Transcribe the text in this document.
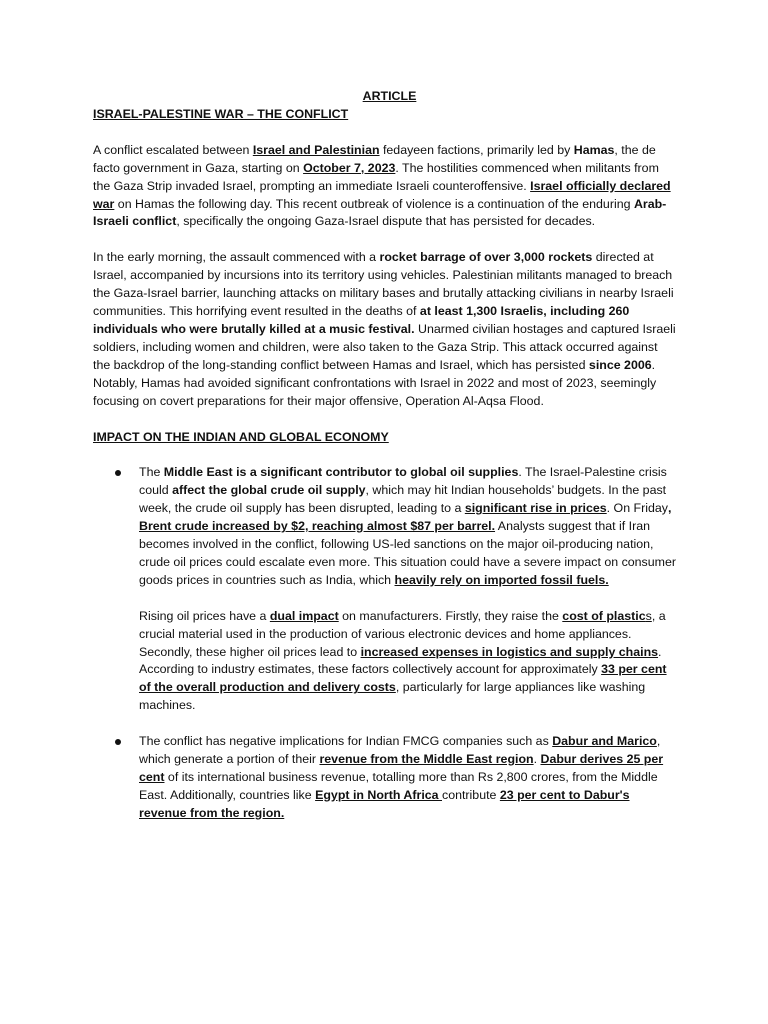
ARTICLE

ISRAEL-PALESTINE WAR – THE CONFLICT

A conflict escalated between Israel and Palestinian fedayeen factions, primarily led by Hamas, the de facto government in Gaza, starting on October 7, 2023. The hostilities commenced when militants from the Gaza Strip invaded Israel, prompting an immediate Israeli counteroffensive. Israel officially declared war on Hamas the following day. This recent outbreak of violence is a continuation of the enduring Arab-Israeli conflict, specifically the ongoing Gaza-Israel dispute that has persisted for decades.

In the early morning, the assault commenced with a rocket barrage of over 3,000 rockets directed at Israel, accompanied by incursions into its territory using vehicles. Palestinian militants managed to breach the Gaza-Israel barrier, launching attacks on military bases and brutally attacking civilians in nearby Israeli communities. This horrifying event resulted in the deaths of at least 1,300 Israelis, including 260 individuals who were brutally killed at a music festival. Unarmed civilian hostages and captured Israeli soldiers, including women and children, were also taken to the Gaza Strip. This attack occurred against the backdrop of the long-standing conflict between Hamas and Israel, which has persisted since 2006. Notably, Hamas had avoided significant confrontations with Israel in 2022 and most of 2023, seemingly focusing on covert preparations for their major offensive, Operation Al-Aqsa Flood.

IMPACT ON THE INDIAN AND GLOBAL ECONOMY

The Middle East is a significant contributor to global oil supplies. The Israel-Palestine crisis could affect the global crude oil supply, which may hit Indian households’ budgets. In the past week, the crude oil supply has been disrupted, leading to a significant rise in prices. On Friday, Brent crude increased by $2, reaching almost $87 per barrel. Analysts suggest that if Iran becomes involved in the conflict, following US-led sanctions on the major oil-producing nation, crude oil prices could escalate even more. This situation could have a severe impact on consumer goods prices in countries such as India, which heavily rely on imported fossil fuels.

Rising oil prices have a dual impact on manufacturers. Firstly, they raise the cost of plastics, a crucial material used in the production of various electronic devices and home appliances. Secondly, these higher oil prices lead to increased expenses in logistics and supply chains. According to industry estimates, these factors collectively account for approximately 33 per cent of the overall production and delivery costs, particularly for large appliances like washing machines.

The conflict has negative implications for Indian FMCG companies such as Dabur and Marico, which generate a portion of their revenue from the Middle East region. Dabur derives 25 per cent of its international business revenue, totalling more than Rs 2,800 crores, from the Middle East. Additionally, countries like Egypt in North Africa contribute 23 per cent to Dabur's revenue from the region.
